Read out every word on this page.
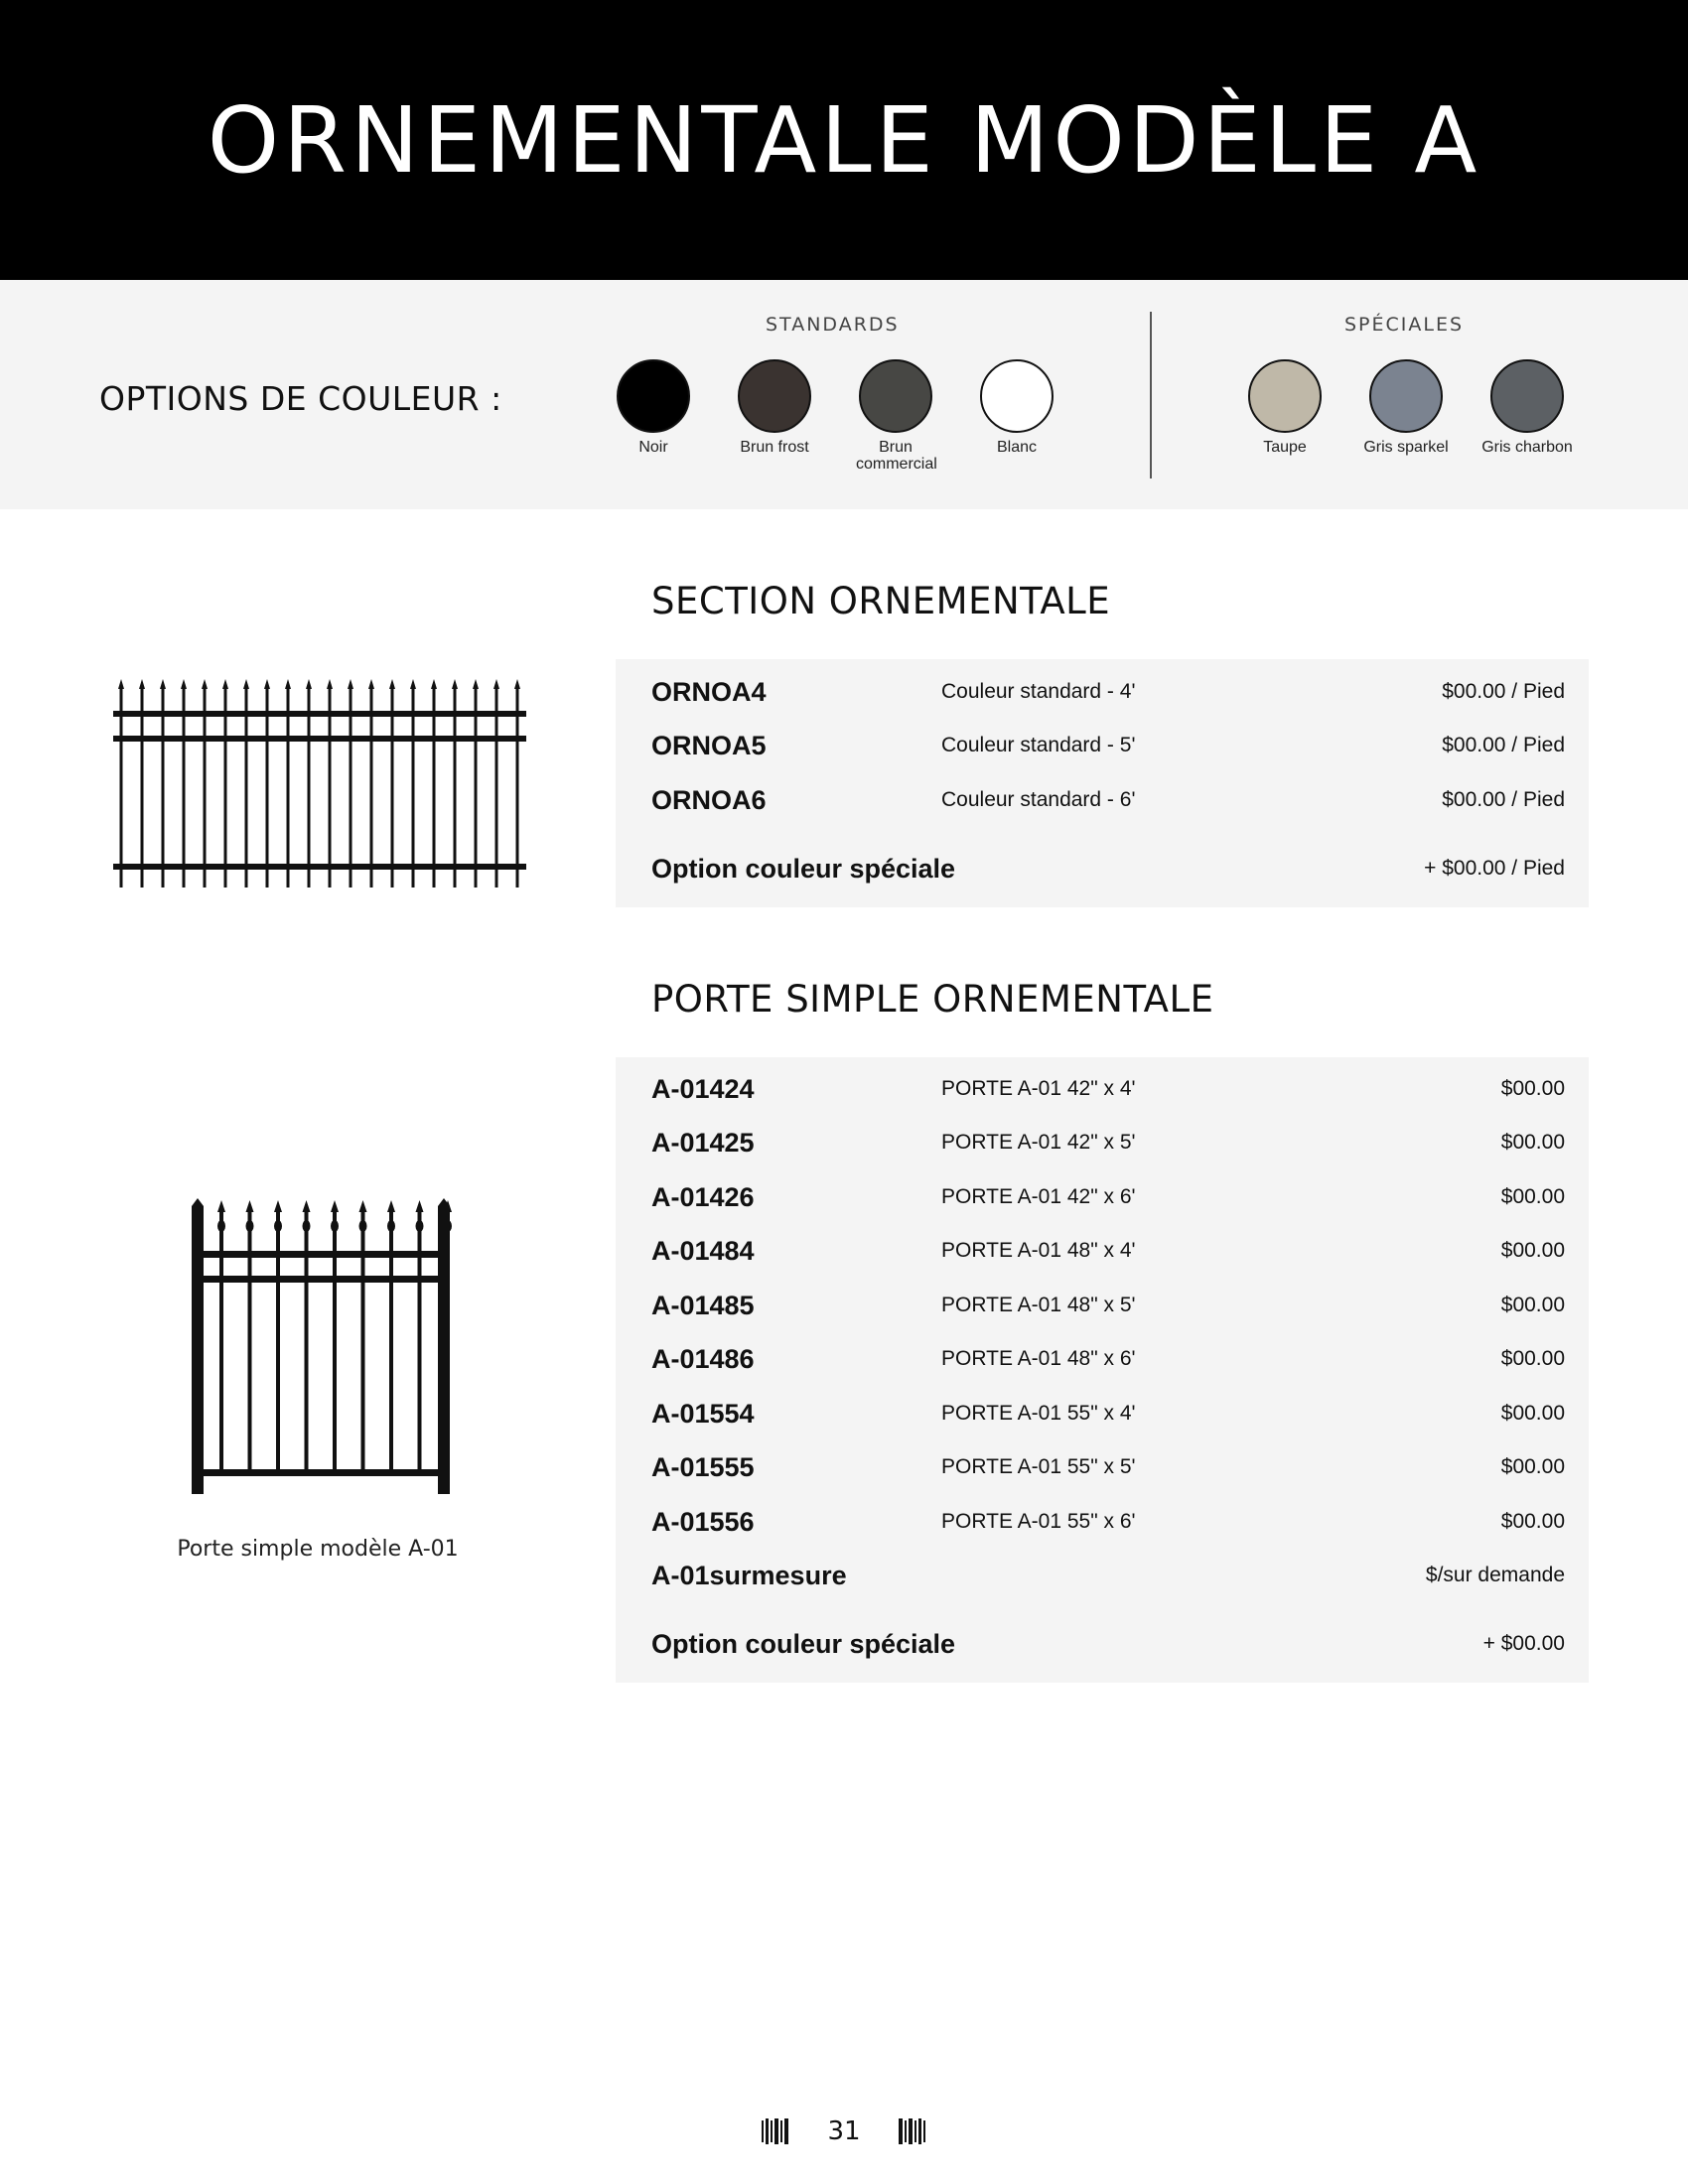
ORNEMENTALE MODÈLE A
OPTIONS DE COULEUR :
STANDARDS	SPÉCIALES
Noir	Brun frost	Brun commercial
Blanc	Taupe	Gris sparkel	Gris charbon
SECTION ORNEMENTALE
ORNOA4	Couleur standard - 4'	$00.00 / Pied
ORNOA5	Couleur standard - 5'	$00.00 / Pied
ORNOA6	Couleur standard - 6'	$00.00 / Pied
Option couleur spéciale	+ $00.00 / Pied
PORTE SIMPLE ORNEMENTALE
Porte simple modèle A-01
A-01424	PORTE A-01 42" x 4'	$00.00
A-01425	PORTE A-01 42" x 5'	$00.00
A-01426	PORTE A-01 42" x 6'	$00.00
A-01484	PORTE A-01 48" x 4'	$00.00
A-01485	PORTE A-01 48" x 5'	$00.00
A-01486	PORTE A-01 48" x 6'	$00.00
A-01554	PORTE A-01 55" x 4'	$00.00
A-01555	PORTE A-01 55" x 5'	$00.00
A-01556	PORTE A-01 55" x 6'	$00.00
A-01surmesure	$/sur demande
Option couleur spéciale	+ $00.00
31
